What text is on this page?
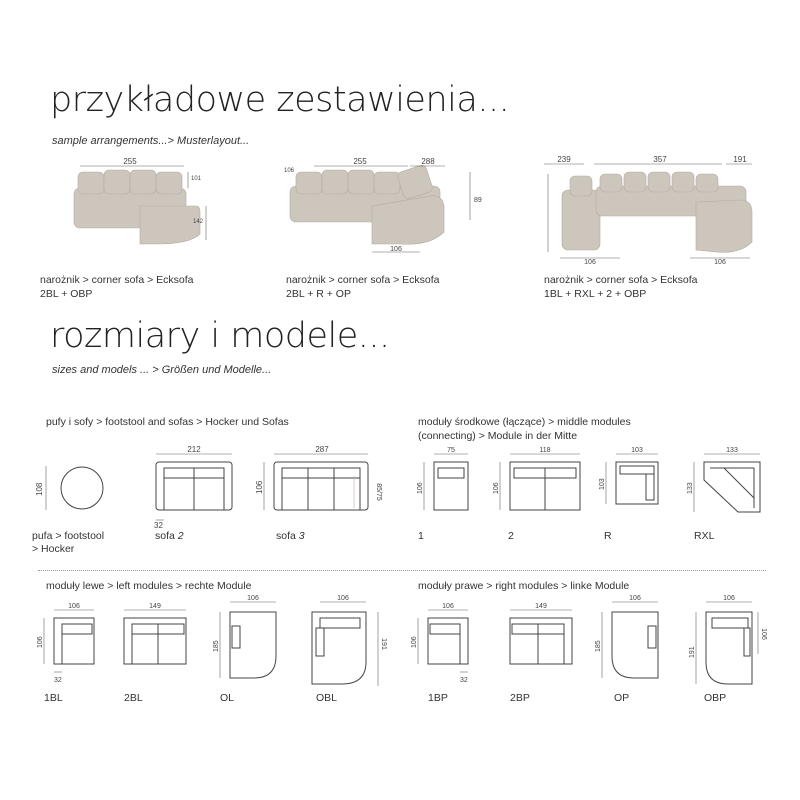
przykładowe zestawienia...
sample arrangements...> Musterlayout...
255
101
142
narożnik > corner sofa > Ecksofa
2BL + OBP
106
255	288
89
106
narożnik > corner sofa > Ecksofa
2BL + R + OP
239	357	191
106	106
narożnik > corner sofa > Ecksofa
1BL + RXL + 2 + OBP
rozmiary i modele...
sizes and models ... > Größen und Modelle...
pufy i sofy > footstool and sofas > Hocker und Sofas	moduły środkowe (łączące) > middle modules
(connecting) > Module in der Mitte
108
pufa > footstool
> Hocker
212
32
sofa 2
287
106	85/75
sofa 3
75
106
1
118
106
2
103
103
R
133
133
RXL
moduły lewe > left modules > rechte Module	moduły prawe > right modules > linke Module
106
106
32
1BL
149
2BL
106
185
OL
106
191
OBL
106
106
32
1BP
149
2BP
106
185
OP
106
191
106
OBP
